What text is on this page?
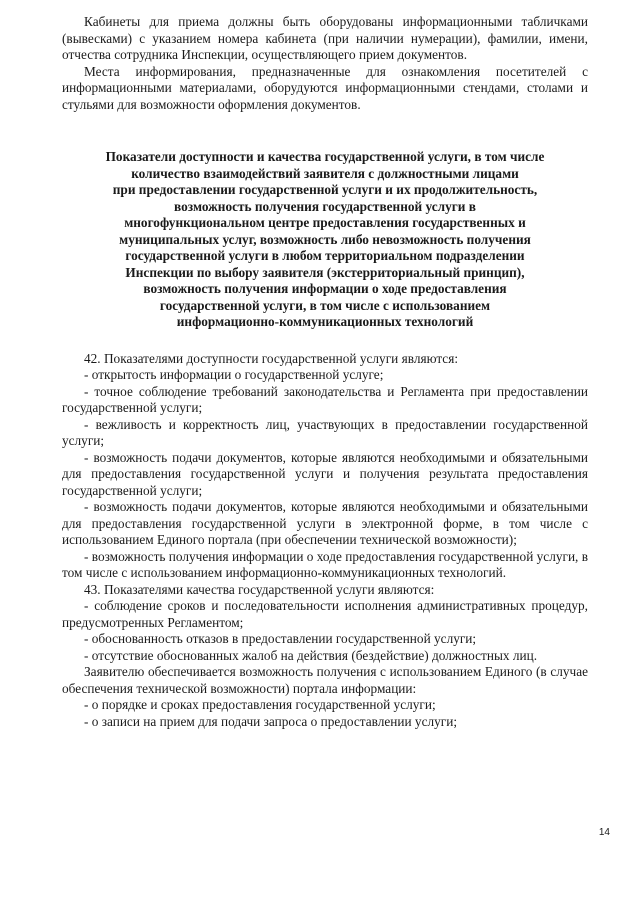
Кабинеты для приема должны быть оборудованы информационными табличками (вывесками) с указанием номера кабинета (при наличии нумерации), фамилии, имени, отчества сотрудника Инспекции, осуществляющего прием документов.

Места информирования, предназначенные для ознакомления посетителей с информационными материалами, оборудуются информационными стендами, столами и стульями для возможности оформления документов.

Показатели доступности и качества государственной услуги, в том числе
количество взаимодействий заявителя с должностными лицами
при предоставлении государственной услуги и их продолжительность,
возможность получения государственной услуги в
многофункциональном центре предоставления государственных и
муниципальных услуг, возможность либо невозможность получения
государственной услуги в любом территориальном подразделении
Инспекции по выбору заявителя (экстерриториальный принцип),
возможность получения информации о ходе предоставления
государственной услуги, в том числе с использованием
информационно-коммуникационных технологий

42. Показателями доступности государственной услуги являются:

- открытость информации о государственной услуге;

- точное соблюдение требований законодательства и Регламента при предоставлении государственной услуги;

- вежливость и корректность лиц, участвующих в предоставлении государственной услуги;

- возможность подачи документов, которые являются необходимыми и обязательными для предоставления государственной услуги и получения результата предоставления государственной услуги;

- возможность подачи документов, которые являются необходимыми и обязательными для предоставления государственной услуги в электронной форме, в том числе с использованием Единого портала (при обеспечении технической возможности);

- возможность получения информации о ходе предоставления государственной услуги, в том числе с использованием информационно-коммуникационных технологий.

43. Показателями качества государственной услуги являются:

- соблюдение сроков и последовательности исполнения административных процедур, предусмотренных Регламентом;

- обоснованность отказов в предоставлении государственной услуги;

- отсутствие обоснованных жалоб на действия (бездействие) должностных лиц.

Заявителю обеспечивается возможность получения с использованием Единого (в случае обеспечения технической возможности) портала информации:

- о порядке и сроках предоставления государственной услуги;

- о записи на прием для подачи запроса о предоставлении услуги;

14
